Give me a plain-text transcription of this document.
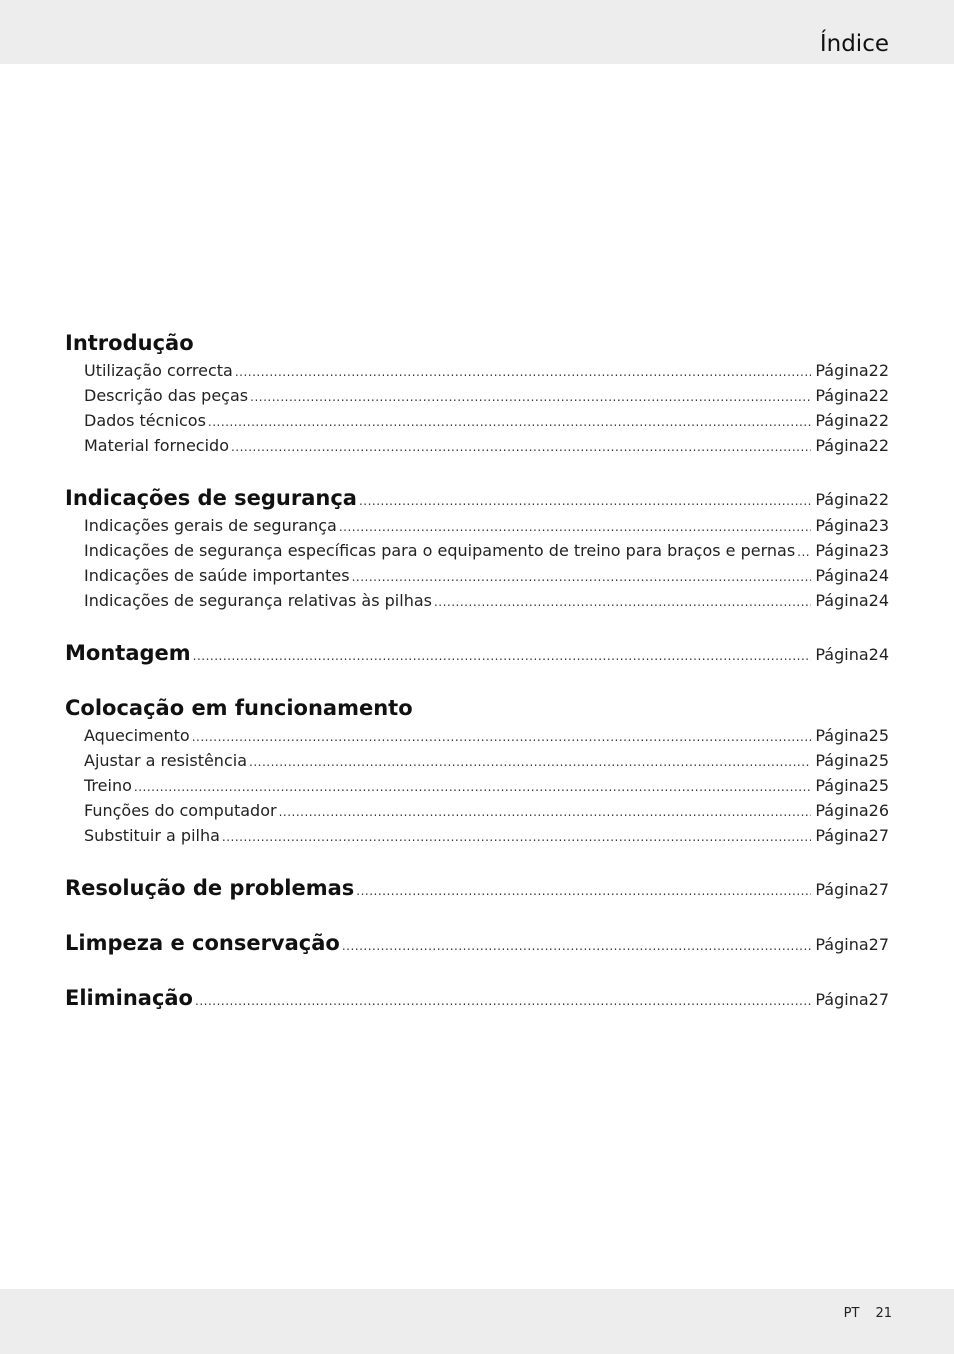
Índice
Introdução
Utilização correcta .....	Página 22
Descrição das peças .....	Página 22
Dados técnicos .....	Página 22
Material fornecido .....	Página 22
Indicações de segurança .....	Página 22
Indicações gerais de segurança .....	Página 23
Indicações de segurança específicas para o equipamento de treino para braços e pernas ..... Página 23
Indicações de saúde importantes .....	Página 24
Indicações de segurança relativas às pilhas .....	Página 24
Montagem .....	Página 24
Colocação em funcionamento
Aquecimento .....	Página 25
Ajustar a resistência .....	Página 25
Treino .....	Página 25
Funções do computador .....	Página 26
Substituir a pilha .....	Página 27
Resolução de problemas .....	Página 27
Limpeza e conservação .....	Página 27
Eliminação .....	Página 27
PT 21
